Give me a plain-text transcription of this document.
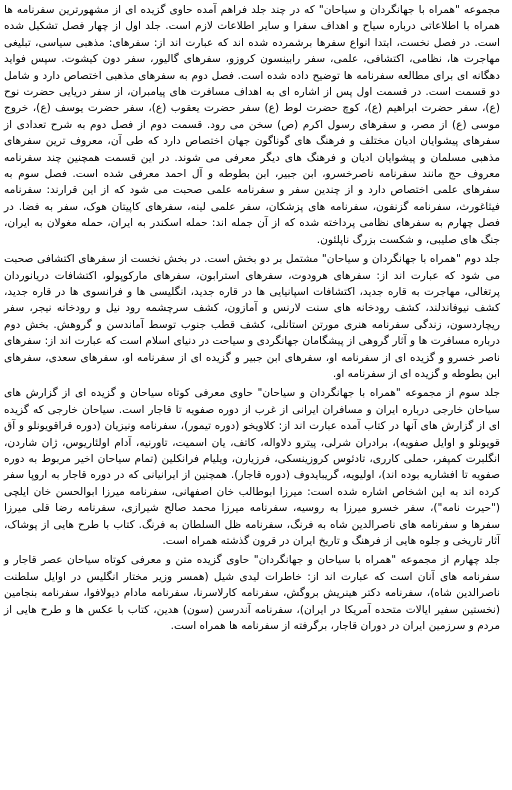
مجموعه "همراه با جهانگردان و سیاحان" که در چند جلد فراهم آمده حاوی گزیده ای از مشهورترین سفرنامه ها همراه با اطلاعاتی درباره سیاح و اهداف سفرا و سایر اطلاعات لازم است. جلد اول از چهار فصل تشکیل شده است. در فصل نخست، ابتدا انواع سفرها برشمرده شده اند که عبارت اند از: سفرهای: مذهبی سیاسی، تبلیغی مهاجرت ها، نظامی، اکتشافی، علمی، سفر رابینسون کروزو، سفرهای گالیور، سفر دون کیشوت. سپس فواید دهگانه ای برای مطالعه سفرنامه ها توضیح داده شده است. فصل دوم به سفرهای مذهبی اختصاص دارد و شامل دو قسمت است. در قسمت اول پس از اشاره ای به اهداف مسافرت های پیامبران، از سفر دریایی حضرت نوح (ع)، سفر حضرت ابراهیم (ع)، کوچ حضرت لوط (ع) سفر حضرت یعقوب (ع)، سفر حضرت یوسف (ع)، خروج موسی (ع) از مصر، و سفرهای رسول اکرم (ص) سخن می رود. قسمت دوم از فصل دوم به شرح تعدادی از سفرهای پیشوایان ادیان مختلف و فرهنگ های گوناگون جهان اختصاص دارد که طی آن، معروف ترین سفرهای مذهبی مسلمان و پیشوایان ادیان و فرهنگ های دیگر معرفی می شوند. در این قسمت همچنین چند سفرنامه معروف حج مانند سفرنامه ناصرخسرو، ابن جبیر، ابن بطوطه و آل احمد معرفی شده است. فصل سوم به سفرهای علمی اختصاص دارد و از چندین سفر و سفرنامه علمی صحبت می شود که از این قرارند: سفرنامه فیثاغورث، سفرنامه گزنفون، سفرنامه های پزشکان، سفر علمی لینه، سفرهای کاپیتان هوک، سفر به فضا. در فصل چهارم به سفرهای نظامی پرداخته شده که از آن جمله اند: حمله اسکندر به ایران، حمله مغولان به ایران، جنگ های صلیبی، و شکست بزرگ ناپلئون.

جلد دوم "همراه با جهانگردان و سیاحان" مشتمل بر دو بخش است. در بخش نخست از سفرهای اکتشافی صحبت می شود که عبارت اند از: سفرهای هرودوت، سفرهای استرابون، سفرهای مارکوپولو، اکتشافات دریانوردان پرتغالی، مهاجرت به قاره جدید، اکتشافات اسپانیایی ها در قاره جدید، انگلیسی ها و فرانسوی ها در قاره جدید، کشف نیوفاندلند، کشف رودخانه های سنت لارنس و آمازون، کشف سرچشمه رود نیل و رودخانه نیجر، سفر ریچاردسون، زندگی سفرنامه هنری مورتن استانلی، کشف قطب جنوب توسط آماندسن و گروهش. بخش دوم درباره مسافرت ها و آثار گروهی از پیشگامان جهانگردی و سیاحت در دنیای اسلام است که عبارت اند از: سفرهای ناصر خسرو و گزیده ای از سفرنامه او، سفرهای ابن جبیر و گزیده ای از سفرنامه او، سفرهای سعدی، سفرهای ابن بطوطه و گزیده ای از سفرنامه او.

جلد سوم از مجموعه "همراه با جهانگردان و سیاحان" حاوی معرفی کوتاه سیاحان و گزیده ای از گزارش های سیاحان خارجی درباره ایران و مسافران ایرانی از غرب از دوره صفویه تا قاجار است. سیاحان خارجی که گزیده ای از گزارش های آنها در کتاب آمده عبارت اند از: کلاویخو (دوره تیمور)، سفرنامه ونیزیان (دوره قراقویونلو و آق قویونلو و اوایل صفویه)، برادران شرلی، پیترو دلاواله، کاتف، یان اسمیت، تاورنیه، آدام اولئاریوس، ژان شاردن، انگلبرت کمپفر، حملی کارری، تادئوس کروزینسکی، فرزیارن، ویلیام فرانکلین (تمام سیاحان اخیر مربوط به دوره صفویه تا افشاریه بوده اند)، اولیویه، گریبایدوف (دوره قاجار). همچنین از ایرانیانی که در دوره قاجار به اروپا سفر کرده اند به این اشخاص اشاره شده است: میرزا ابوطالب خان اصفهانی، سفرنامه میرزا ابوالحسن خان ایلچی ("حیرت نامه")، سفر خسرو میرزا به روسیه، سفرنامه میرزا محمد صالح شیرازی، سفرنامه رضا قلی میرزا سفرها و سفرنامه های ناصرالدین شاه به فرنگ، سفرنامه ظل السلطان به فرنگ. کتاب با طرح هایی از پوشاک، آثار تاریخی و جلوه هایی از فرهنگ و تاریخ ایران در قرون گذشته همراه است.

جلد چهارم از مجموعه "همراه با سیاحان و جهانگردان" حاوی گزیده متن و معرفی کوتاه سیاحان عصر قاجار و سفرنامه های آنان است که عبارت اند از: خاطرات لیدی شیل (همسر وزیر مختار انگلیس در اوایل سلطنت ناصرالدین شاه)، سفرنامه دکتر هینریش بروگش، سفرنامه کارلاسرنا، سفرنامه مادام دیولافوا، سفرنامه بنجامین (نخستین سفیر ایالات متحده آمریکا در ایران)، سفرنامه آندرسن (سون) هدین، کتاب با عکس ها و طرح هایی از مردم و سرزمین ایران در دوران قاجار، برگرفته از سفرنامه ها همراه است.
